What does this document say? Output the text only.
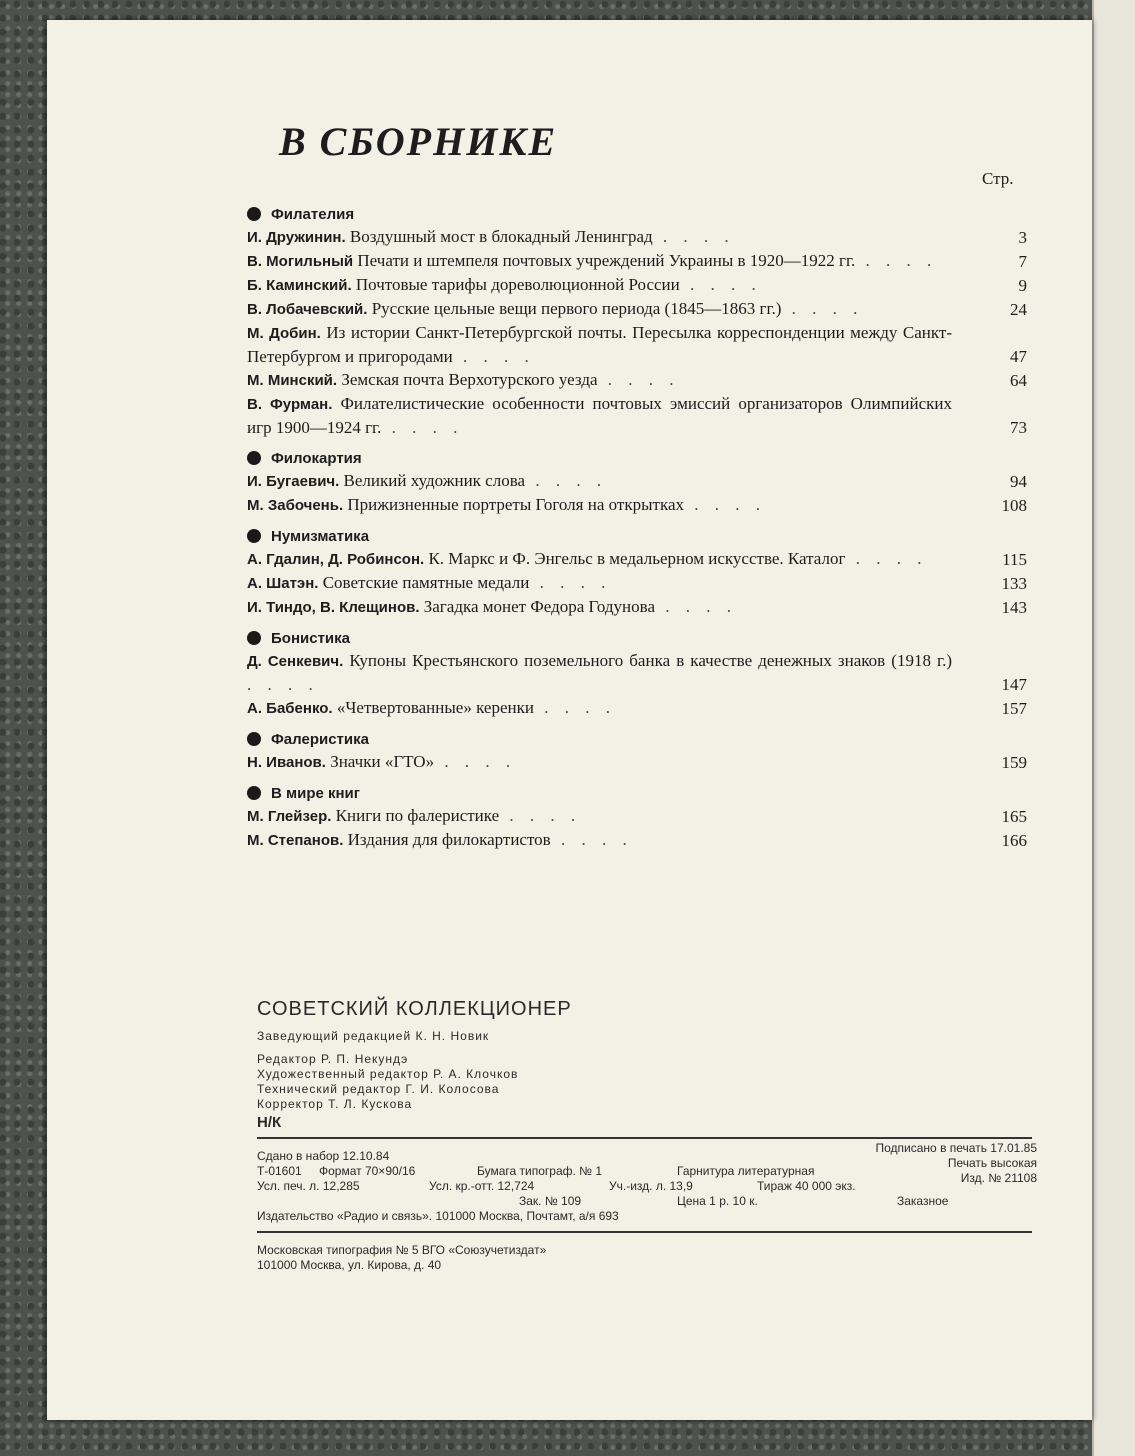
В СБОРНИКЕ
Стр.
Филателия
И. Дружинин. Воздушный мост в блокадный Ленинград . . . .	3
В. Могильный Печати и штемпеля почтовых учреждений Украины в 1920—1922 гг. . . . .	7
Б. Каминский. Почтовые тарифы дореволюционной России . . . .	9
В. Лобачевский. Русские цельные вещи первого периода (1845—1863 гг.) . . . .	24
М. Добин. Из истории Санкт-Петербургской почты. Пересылка корреспонденции между Санкт-Петербургом и пригородами . . . .	47
М. Минский. Земская почта Верхотурского уезда . . . .	64
В. Фурман. Филателистические особенности почтовых эмиссий организаторов Олимпийских игр 1900—1924 гг. . . . .	73
Филокартия
И. Бугаевич. Великий художник слова . . . .	94
М. Забочень. Прижизненные портреты Гоголя на открытках . . . .	108
Нумизматика
А. Гдалин, Д. Робинсон. К. Маркс и Ф. Энгельс в медальерном искусстве. Каталог . . . .	115
А. Шатэн. Советские памятные медали . . . .	133
И. Тиндо, В. Клещинов. Загадка монет Федора Годунова . . . .	143
Бонистика
Д. Сенкевич. Купоны Крестьянского поземельного банка в качестве денежных знаков (1918 г.) . . . .	147
А. Бабенко. «Четвертованные» керенки . . . .	157
Фалеристика
Н. Иванов. Значки «ГТО» . . . .	159
В мире книг
М. Глейзер. Книги по фалеристике . . . .	165
М. Степанов. Издания для филокартистов . . . .	166
СОВЕТСКИЙ КОЛЛЕКЦИОНЕР
Заведующий редакцией К. Н. Новик
Редактор Р. П. Некундэ
Художественный редактор Р. А. Клочков
Технический редактор Г. И. Колосова
Корректор Т. Л. Кускова
Н/К
Сдано в набор 12.10.84
Подписано в печать 17.01.85
Т-01601 Формат 70×90/16	Бумага типограф. № 1	Гарнитура литературная
Печать высокая
Усл. печ. л. 12,285	Усл. кр.-отт. 12,724	Уч.-изд. л. 13,9	Тираж 40 000 экз.
Изд. № 21108
Зак. № 109	Цена 1 р. 10 к.	Заказное
Издательство «Радио и связь». 101000 Москва, Почтамт, а/я 693
Московская типография № 5 ВГО «Союзучетиздат»
101000 Москва, ул. Кирова, д. 40
